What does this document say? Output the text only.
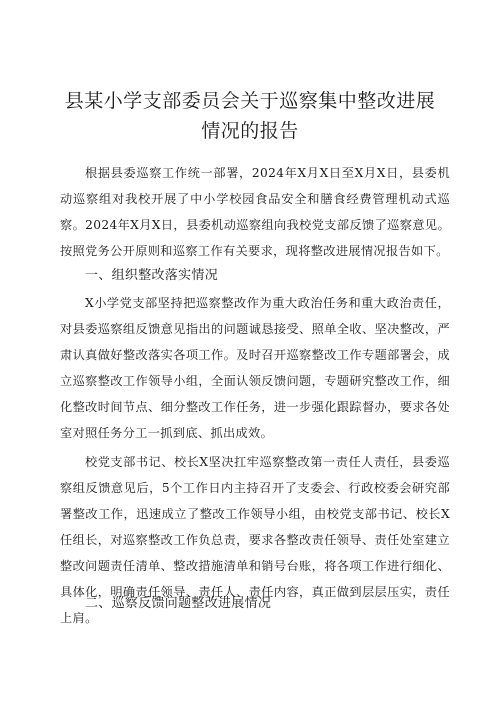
县某小学支部委员会关于巡察集中整改进展情况的报告

根据县委巡察工作统一部署，2024年X月X日至X月X日，县委机动巡察组对我校开展了中小学校园食品安全和膳食经费管理机动式巡察。2024年X月X日，县委机动巡察组向我校党支部反馈了巡察意见。按照党务公开原则和巡察工作有关要求，现将整改进展情况报告如下。

一、组织整改落实情况

X小学党支部坚持把巡察整改作为重大政治任务和重大政治责任，对县委巡察组反馈意见指出的问题诚恳接受、照单全收、坚决整改，严肃认真做好整改落实各项工作。及时召开巡察整改工作专题部署会，成立巡察整改工作领导小组，全面认领反馈问题，专题研究整改工作，细化整改时间节点、细分整改工作任务，进一步强化跟踪督办，要求各处室对照任务分工一抓到底、抓出成效。

校党支部书记、校长X坚决扛牢巡察整改第一责任人责任，县委巡察组反馈意见后，5个工作日内主持召开了支委会、行政校委会研究部署整改工作，迅速成立了整改工作领导小组，由校党支部书记、校长X任组长，对巡察整改工作负总责，要求各整改责任领导、责任处室建立整改问题责任清单、整改措施清单和销号台账，将各项工作进行细化、具体化，明确责任领导、责任人、责任内容，真正做到层层压实，责任上肩。

二、巡察反馈问题整改进展情况
